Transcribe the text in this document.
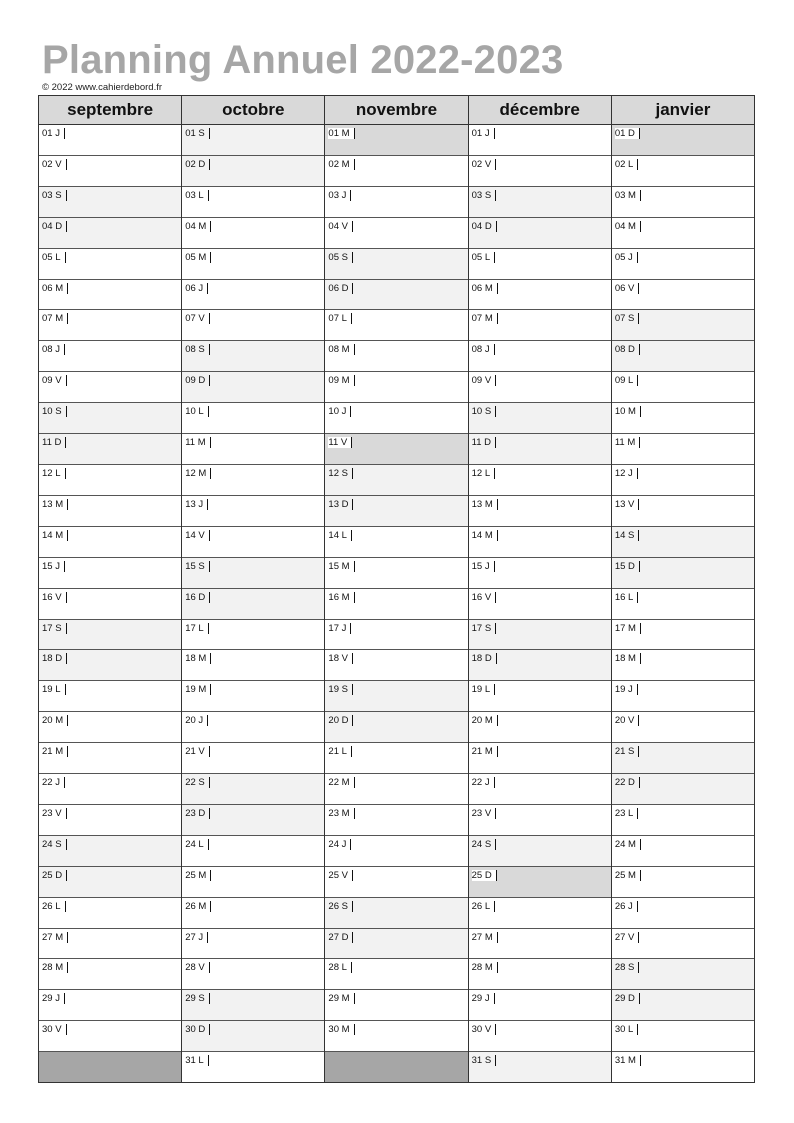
Planning Annuel 2022-2023
© 2022 www.cahierdebord.fr
septembre
01 J
02 V
03 S
04 D
05 L
06 M
07 M
08 J
09 V
10 S
11 D
12 L
13 M
14 M
15 J
16 V
17 S
18 D
19 L
20 M
21 M
22 J
23 V
24 S
25 D
26 L
27 M
28 M
29 J
30 V
octobre
01 S
02 D
03 L
04 M
05 M
06 J
07 V
08 S
09 D
10 L
11 M
12 M
13 J
14 V
15 S
16 D
17 L
18 M
19 M
20 J
21 V
22 S
23 D
24 L
25 M
26 M
27 J
28 V
29 S
30 D
31 L
novembre
01 M
02 M
03 J
04 V
05 S
06 D
07 L
08 M
09 M
10 J
11 V
12 S
13 D
14 L
15 M
16 M
17 J
18 V
19 S
20 D
21 L
22 M
23 M
24 J
25 V
26 S
27 D
28 L
29 M
30 M
décembre
01 J
02 V
03 S
04 D
05 L
06 M
07 M
08 J
09 V
10 S
11 D
12 L
13 M
14 M
15 J
16 V
17 S
18 D
19 L
20 M
21 M
22 J
23 V
24 S
25 D
26 L
27 M
28 M
29 J
30 V
31 S
janvier
01 D
02 L
03 M
04 M
05 J
06 V
07 S
08 D
09 L
10 M
11 M
12 J
13 V
14 S
15 D
16 L
17 M
18 M
19 J
20 V
21 S
22 D
23 L
24 M
25 M
26 J
27 V
28 S
29 D
30 L
31 M
